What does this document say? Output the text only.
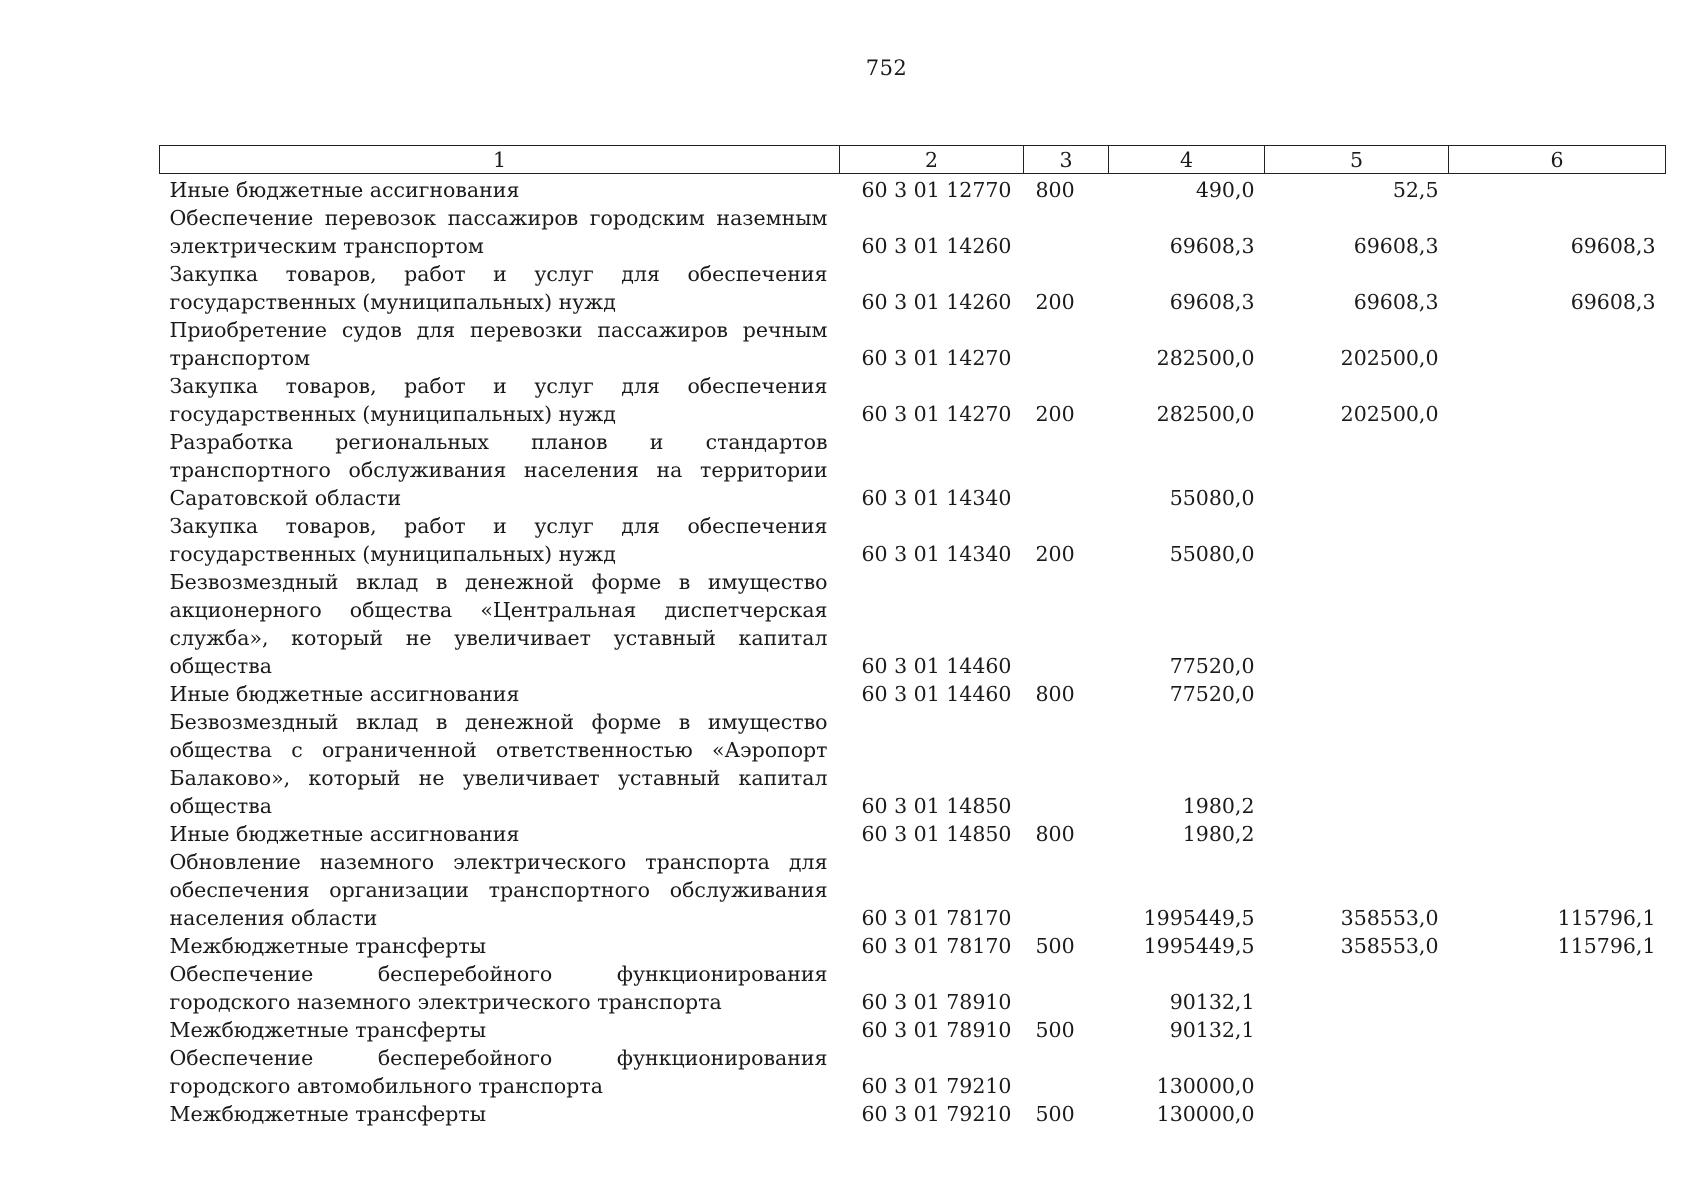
752
1	2	3	4	5	6
Иные бюджетные ассигнования	60 3 01 12770	800	490,0	52,5	
Обеспечение перевозок пассажиров городским наземным электрическим транспортом	60 3 01 14260		69608,3	69608,3	69608,3
Закупка товаров, работ и услуг для обеспечения государственных (муниципальных) нужд	60 3 01 14260	200	69608,3	69608,3	69608,3
Приобретение судов для перевозки пассажиров речным транспортом	60 3 01 14270		282500,0	202500,0	
Закупка товаров, работ и услуг для обеспечения государственных (муниципальных) нужд	60 3 01 14270	200	282500,0	202500,0	
Разработка региональных планов и стандартов транспортного обслуживания населения на территории Саратовской области	60 3 01 14340		55080,0		
Закупка товаров, работ и услуг для обеспечения государственных (муниципальных) нужд	60 3 01 14340	200	55080,0		
Безвозмездный вклад в денежной форме в имущество акционерного общества «Центральная диспетчерская служба», который не увеличивает уставный капитал общества	60 3 01 14460		77520,0		
Иные бюджетные ассигнования	60 3 01 14460	800	77520,0		
Безвозмездный вклад в денежной форме в имущество общества с ограниченной ответственностью «Аэропорт Балаково», который не увеличивает уставный капитал общества	60 3 01 14850		1980,2		
Иные бюджетные ассигнования	60 3 01 14850	800	1980,2		
Обновление наземного электрического транспорта для обеспечения организации транспортного обслуживания населения области	60 3 01 78170		1995449,5	358553,0	115796,1
Межбюджетные трансферты	60 3 01 78170	500	1995449,5	358553,0	115796,1
Обеспечение бесперебойного функционирования городского наземного электрического транспорта	60 3 01 78910		90132,1		
Межбюджетные трансферты	60 3 01 78910	500	90132,1		
Обеспечение бесперебойного функционирования городского автомобильного транспорта	60 3 01 79210		130000,0		
Межбюджетные трансферты	60 3 01 79210	500	130000,0		
